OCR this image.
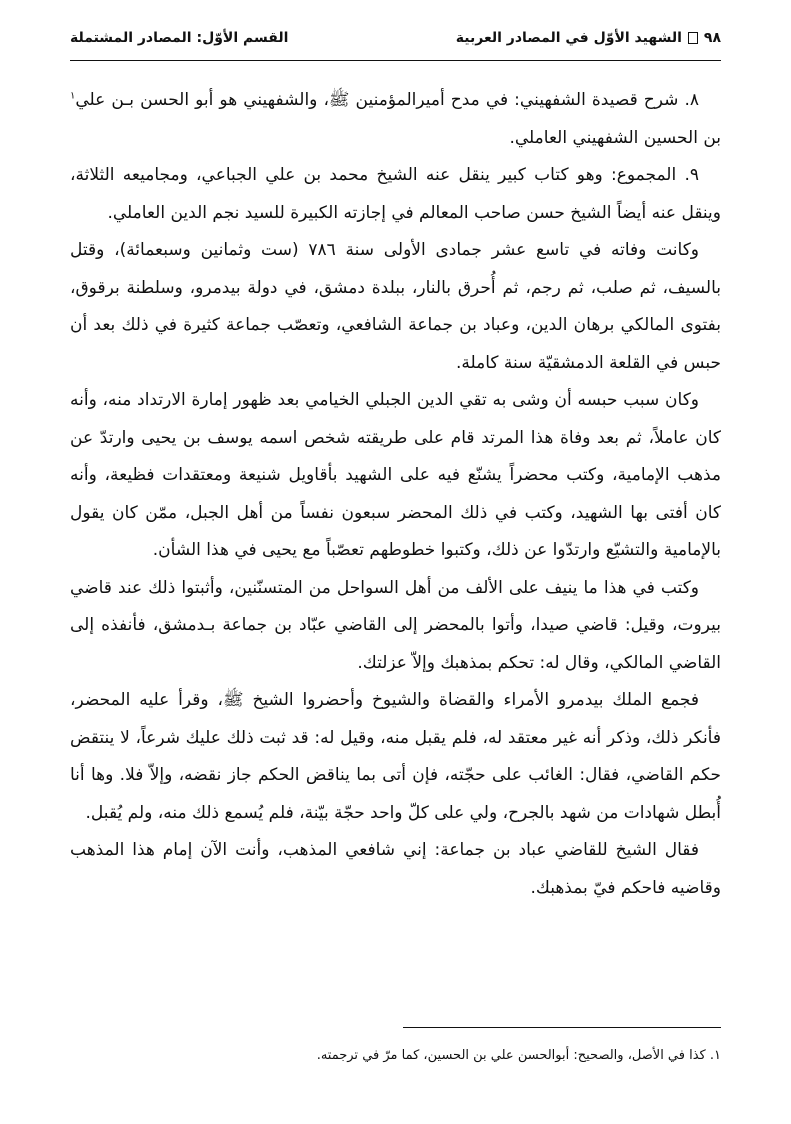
٩٨
الشهيد الأوّل في المصادر العربية
القسم الأوّل: المصادر المشتملة

٨. شرح قصيدة الشفهيني: في مدح أميرالمؤمنين ﷺ، والشفهيني هو أبو الحسن بـن علي$^١$ بن الحسين الشفهيني العاملي.

٩. المجموع: وهو كتاب كبير ينقل عنه الشيخ محمد بن علي الجباعي، ومجاميعه الثلاثة، وينقل عنه أيضاً الشيخ حسن صاحب المعالم في إجازته الكبيرة للسيد نجم الدين العاملي.

وكانت وفاته في تاسع عشر جمادى الأولى سنة ٧٨٦ (ست وثمانين وسبعمائة)، وقتل بالسيف، ثم صلب، ثم رجم، ثم أُحرق بالنار، ببلدة دمشق، في دولة بيدمرو، وسلطنة برقوق، بفتوى المالكي برهان الدين، وعباد بن جماعة الشافعي، وتعصّب جماعة كثيرة في ذلك بعد أن حبس في القلعة الدمشقيّة سنة كاملة.

وكان سبب حبسه أن وشى به تقي الدين الجبلي الخيامي بعد ظهور إمارة الارتداد منه، وأنه كان عاملاً، ثم بعد وفاة هذا المرتد قام على طريقته شخص اسمه يوسف بن يحيى وارتدّ عن مذهب الإمامية، وكتب محضراً يشنّع فيه على الشهيد بأقاويل شنيعة ومعتقدات فظيعة، وأنه كان أفتى بها الشهيد، وكتب في ذلك المحضر سبعون نفساً من أهل الجبل، ممّن كان يقول بالإمامية والتشيّع وارتدّوا عن ذلك، وكتبوا خطوطهم تعصّباً مع يحيى في هذا الشأن.

وكتب في هذا ما ينيف على الألف من أهل السواحل من المتسنّنين، وأثبتوا ذلك عند قاضي بيروت، وقيل: قاضي صيدا، وأتوا بالمحضر إلى القاضي عبّاد بن جماعة بـدمشق، فأنفذه إلى القاضي المالكي، وقال له: تحكم بمذهبك وإلاّ عزلتك.

فجمع الملك بيدمرو الأمراء والقضاة والشيوخ وأحضروا الشيخ ﷺ، وقرأ عليه المحضر، فأنكر ذلك، وذكر أنه غير معتقد له، فلم يقبل منه، وقيل له: قد ثبت ذلك عليك شرعاً، لا ينتقض حكم القاضي، فقال: الغائب على حجّته، فإن أتى بما يناقض الحكم جاز نقضه، وإلاّ فلا. وها أنا أُبطل شهادات من شهد بالجرح، ولي على كلّ واحد حجّة بيّنة، فلم يُسمع ذلك منه، ولم يُقبل.

فقال الشيخ للقاضي عباد بن جماعة: إني شافعي المذهب، وأنت الآن إمام هذا المذهب وقاضيه فاحكم فيّ بمذهبك.

١. كذا في الأصل، والصحيح: أبوالحسن علي بن الحسين، كما مرّ في ترجمته.
